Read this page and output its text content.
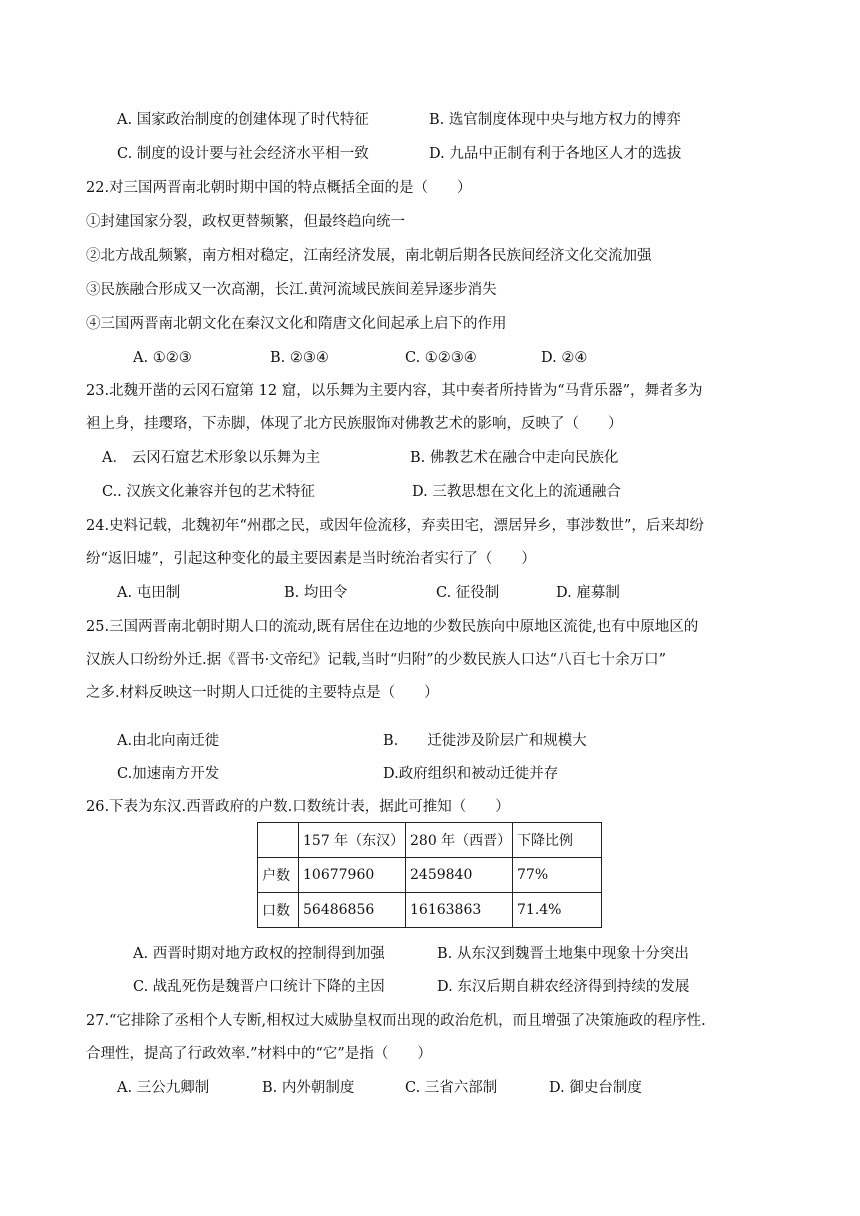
A. 国家政治制度的创建体现了时代特征	B. 选官制度体现中央与地方权力的博弈
C. 制度的设计要与社会经济水平相一致	D. 九品中正制有利于各地区人才的选拔
22.对三国两晋南北朝时期中国的特点概括全面的是（　　）
①封建国家分裂，政权更替频繁，但最终趋向统一
②北方战乱频繁，南方相对稳定，江南经济发展，南北朝后期各民族间经济文化交流加强
③民族融合形成又一次高潮，长江.黄河流域民族间差异逐步消失
④三国两晋南北朝文化在秦汉文化和隋唐文化间起承上启下的作用
A. ①②③	B. ②③④	C. ①②③④	D. ②④
23.北魏开凿的云冈石窟第 12 窟，以乐舞为主要内容，其中奏者所持皆为“马背乐器”，舞者多为
袒上身，挂璎珞，下赤脚，体现了北方民族服饰对佛教艺术的影响，反映了（　　）
A． 云冈石窟艺术形象以乐舞为主	B. 佛教艺术在融合中走向民族化
C.. 汉族文化兼容并包的艺术特征	D. 三教思想在文化上的流通融合
24.史料记载，北魏初年“州郡之民，或因年俭流移，弃卖田宅，漂居异乡，事涉数世”，后来却纷
纷“返旧墟”，引起这种变化的最主要因素是当时统治者实行了（　　）
A. 屯田制	B. 均田令	C. 征役制	D. 雇募制
25.三国两晋南北朝时期人口的流动,既有居住在边地的少数民族向中原地区流徙,也有中原地区的
汉族人口纷纷外迁.据《晋书·文帝纪》记载,当时“归附”的少数民族人口达“八百七十余万口”
之多.材料反映这一时期人口迁徙的主要特点是（　　）
A.由北向南迁徙	B.　　迁徙涉及阶层广和规模大
C.加速南方开发	D.政府组织和被动迁徙并存
26.下表为东汉.西晋政府的户数.口数统计表，据此可推知（　　）
	157 年（东汉）	280 年（西晋）	下降比例
户数	10677960	2459840	77%
口数	56486856	16163863	71.4%
A. 西晋时期对地方政权的控制得到加强	B. 从东汉到魏晋土地集中现象十分突出
C. 战乱死伤是魏晋户口统计下降的主因	D. 东汉后期自耕农经济得到持续的发展
27.“它排除了丞相个人专断,相权过大威胁皇权而出现的政治危机，而且增强了决策施政的程序性.
合理性，提高了行政效率.”材料中的“它”是指（　　）
A. 三公九卿制	B. 内外朝制度	C. 三省六部制	D. 御史台制度
